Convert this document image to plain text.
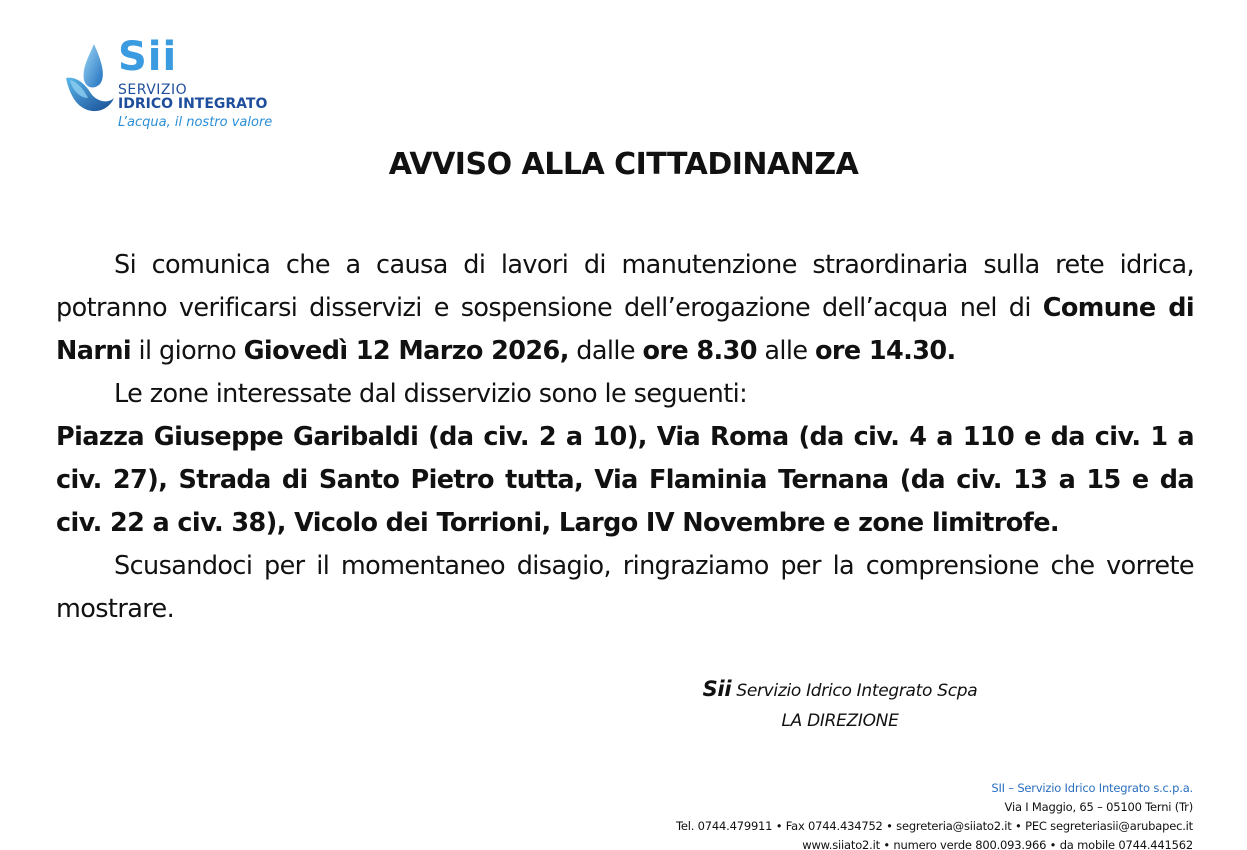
Sii
SERVIZIO
IDRICO INTEGRATO
L’acqua, il nostro valore
AVVISO ALLA CITTADINANZA

Si comunica che a causa di lavori di manutenzione straordinaria sulla rete idrica, potranno verificarsi disservizi e sospensione dell’erogazione dell’acqua nel di Comune di Narni il giorno Giovedì 12 Marzo 2026, dalle ore 8.30 alle ore 14.30.

Le zone interessate dal disservizio sono le seguenti:

Piazza Giuseppe Garibaldi (da civ. 2 a 10), Via Roma (da civ. 4 a 110 e da civ. 1 a civ. 27), Strada di Santo Pietro tutta, Via Flaminia Ternana (da civ. 13 a 15 e da civ. 22 a civ. 38), Vicolo dei Torrioni, Largo IV Novembre e zone limitrofe.

Scusandoci per il momentaneo disagio, ringraziamo per la comprensione che vorrete mostrare.

Sii Servizio Idrico Integrato Scpa
LA DIREZIONE
SII – Servizio Idrico Integrato s.c.p.a.
Via I Maggio, 65 – 05100 Terni (Tr)
Tel. 0744.479911 • Fax 0744.434752 • segreteria@siiato2.it • PEC segreteriasii@arubapec.it
www.siiato2.it • numero verde 800.093.966 • da mobile 0744.441562
